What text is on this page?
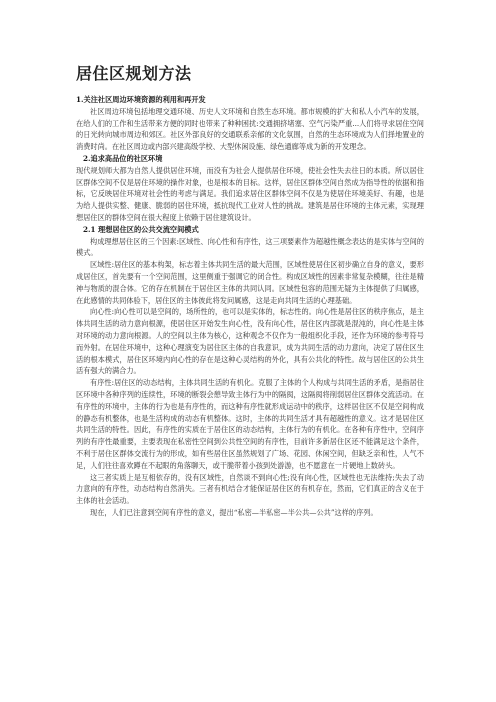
居住区规划方法
1.关注社区周边环境资源的利用和再开发

社区周边环境包括地理交通环境、历史人文环境和自然生态环境。都市规模的扩大和私人小汽车的发展，在给人们的工作和生活带来方便的同时也带来了种种困扰:交通拥挤堵塞、空气污染严重...人们将寻求居住空间的日光转向城市周边和郊区。社区外部良好的交通联系亲郁的文化氛围，自然的生态环境成为人们择地置业的消费时尚。在社区周边或内部兴建高级学校、大型休闲设施、绿色通廊等成为新的开发理念。

2.追求高品位的社区环境

现代规划师大都为自然人提供居住环境，而没有为社会人提供居住环境，使社会性失去往日的本质。所以居住区群体空间不仅是居住环境的操作对象，也是根本的目标。这样，居住区群体空间自然成为指导性的依据和指标，它反映居住环境对社会性的考虑与满足。我们追求居住区群体空间不仅是为使居住环境美好、有趣，也是为给人提供实整、健康、脆弱的居住环境，抵抗现代工业对人性的挑战。建筑是居住环境的主体元素，实现理想居住区的群体空间在很大程度上依赖于居住建筑设计。

2.1 理想居住区的公共交流空间模式

构成理想居住区的三个因素:区域性、向心性和有序性，这三项要素作为超越性概念表达的是实体与空间的模式。

区域性:居住区的基本构架，标志着主体共同生活的最大范围，区域性使居住区初步确立自身的意义，要形成居住区，首先要有一个空间范围，这里侧重于强调它的闭合性。构成区域性的因素非常复杂模糊，往往是精神与物质的混合体。它的存在机制在于居住区主体的共同认同。区域性包容的范围无疑为主体提供了归属感，在此感情的共同体验下，居住区的主体彼此将发问属感，这是走向共同生活的心理基础。

向心性:向心性可以是空间的，场所性的，也可以是实体的，标志性的。向心性是居住区的秩序焦点，是主体共同生活的动力意向根源，使居住区开始发生向心性，没有向心性，居住区内部就是混沌的，向心性是主体对环境的动力意向根源。人的空间以主体为核心，这种观念不仅作为一般组织化手段，还作为环境的参考符号而外射。在居住环境中，这种心理演变为居住区主体的自我意识，成为共同生活的动力意向，决定了居住区生活的根本模式，居住区环境内向心性的存在是这种心灵结构的外化，具有公共化的特性。故与居住区的公共生活有强大的满合力。

有序性:居住区的动态结构，主体共同生活的有机化。克服了主体的个人构成与共同生活的矛盾，是指居住区环境中各种序列的连续性，环境的断裂会憩导致主体行为中的隔阂，这隔阂将削弱居住区群体交流活动。在有序性的环境中，主体的行为也是有序性的，而这种有序性就形成运动中的秩序，这样居住区不仅是空间构成的静态有机整体，也是生活构成的动态有机整体。这时，主体的共同生活才具有超越性的意义。这才是居住区共同生活的特性。因此，有序性的实质在于居住区的动态结构，主体行为的有机化。在各种有序性中，空间序列的有序性最重要，主要表现在私密性空间到公共性空间的有序性，目前许多新居住区还不能满足这个条件，不利于居住区群体交流行为的形成，如有些居住区虽然规划了广场、花园、休闲空间，但缺乏亲和性，人气不足，人们往往喜欢蹲在不起眼的角落聊天，或干脆带着小孩到处游游，也不愿意在一片硬地上数砖头。

这三者实质上是互相依存的，没有区域性，自然谈不到向心性;没有向心性，区域性也无法维持;失去了动力意向的有序性，动态结构自然消失。三者有机结合才能保证居住区的有机存在，然而，它们真正的含义在于主体的社会活动。

现在，人们已注意到空间有序性的意义，提出“私密—半私密—半公共—公共”这样的序列。
